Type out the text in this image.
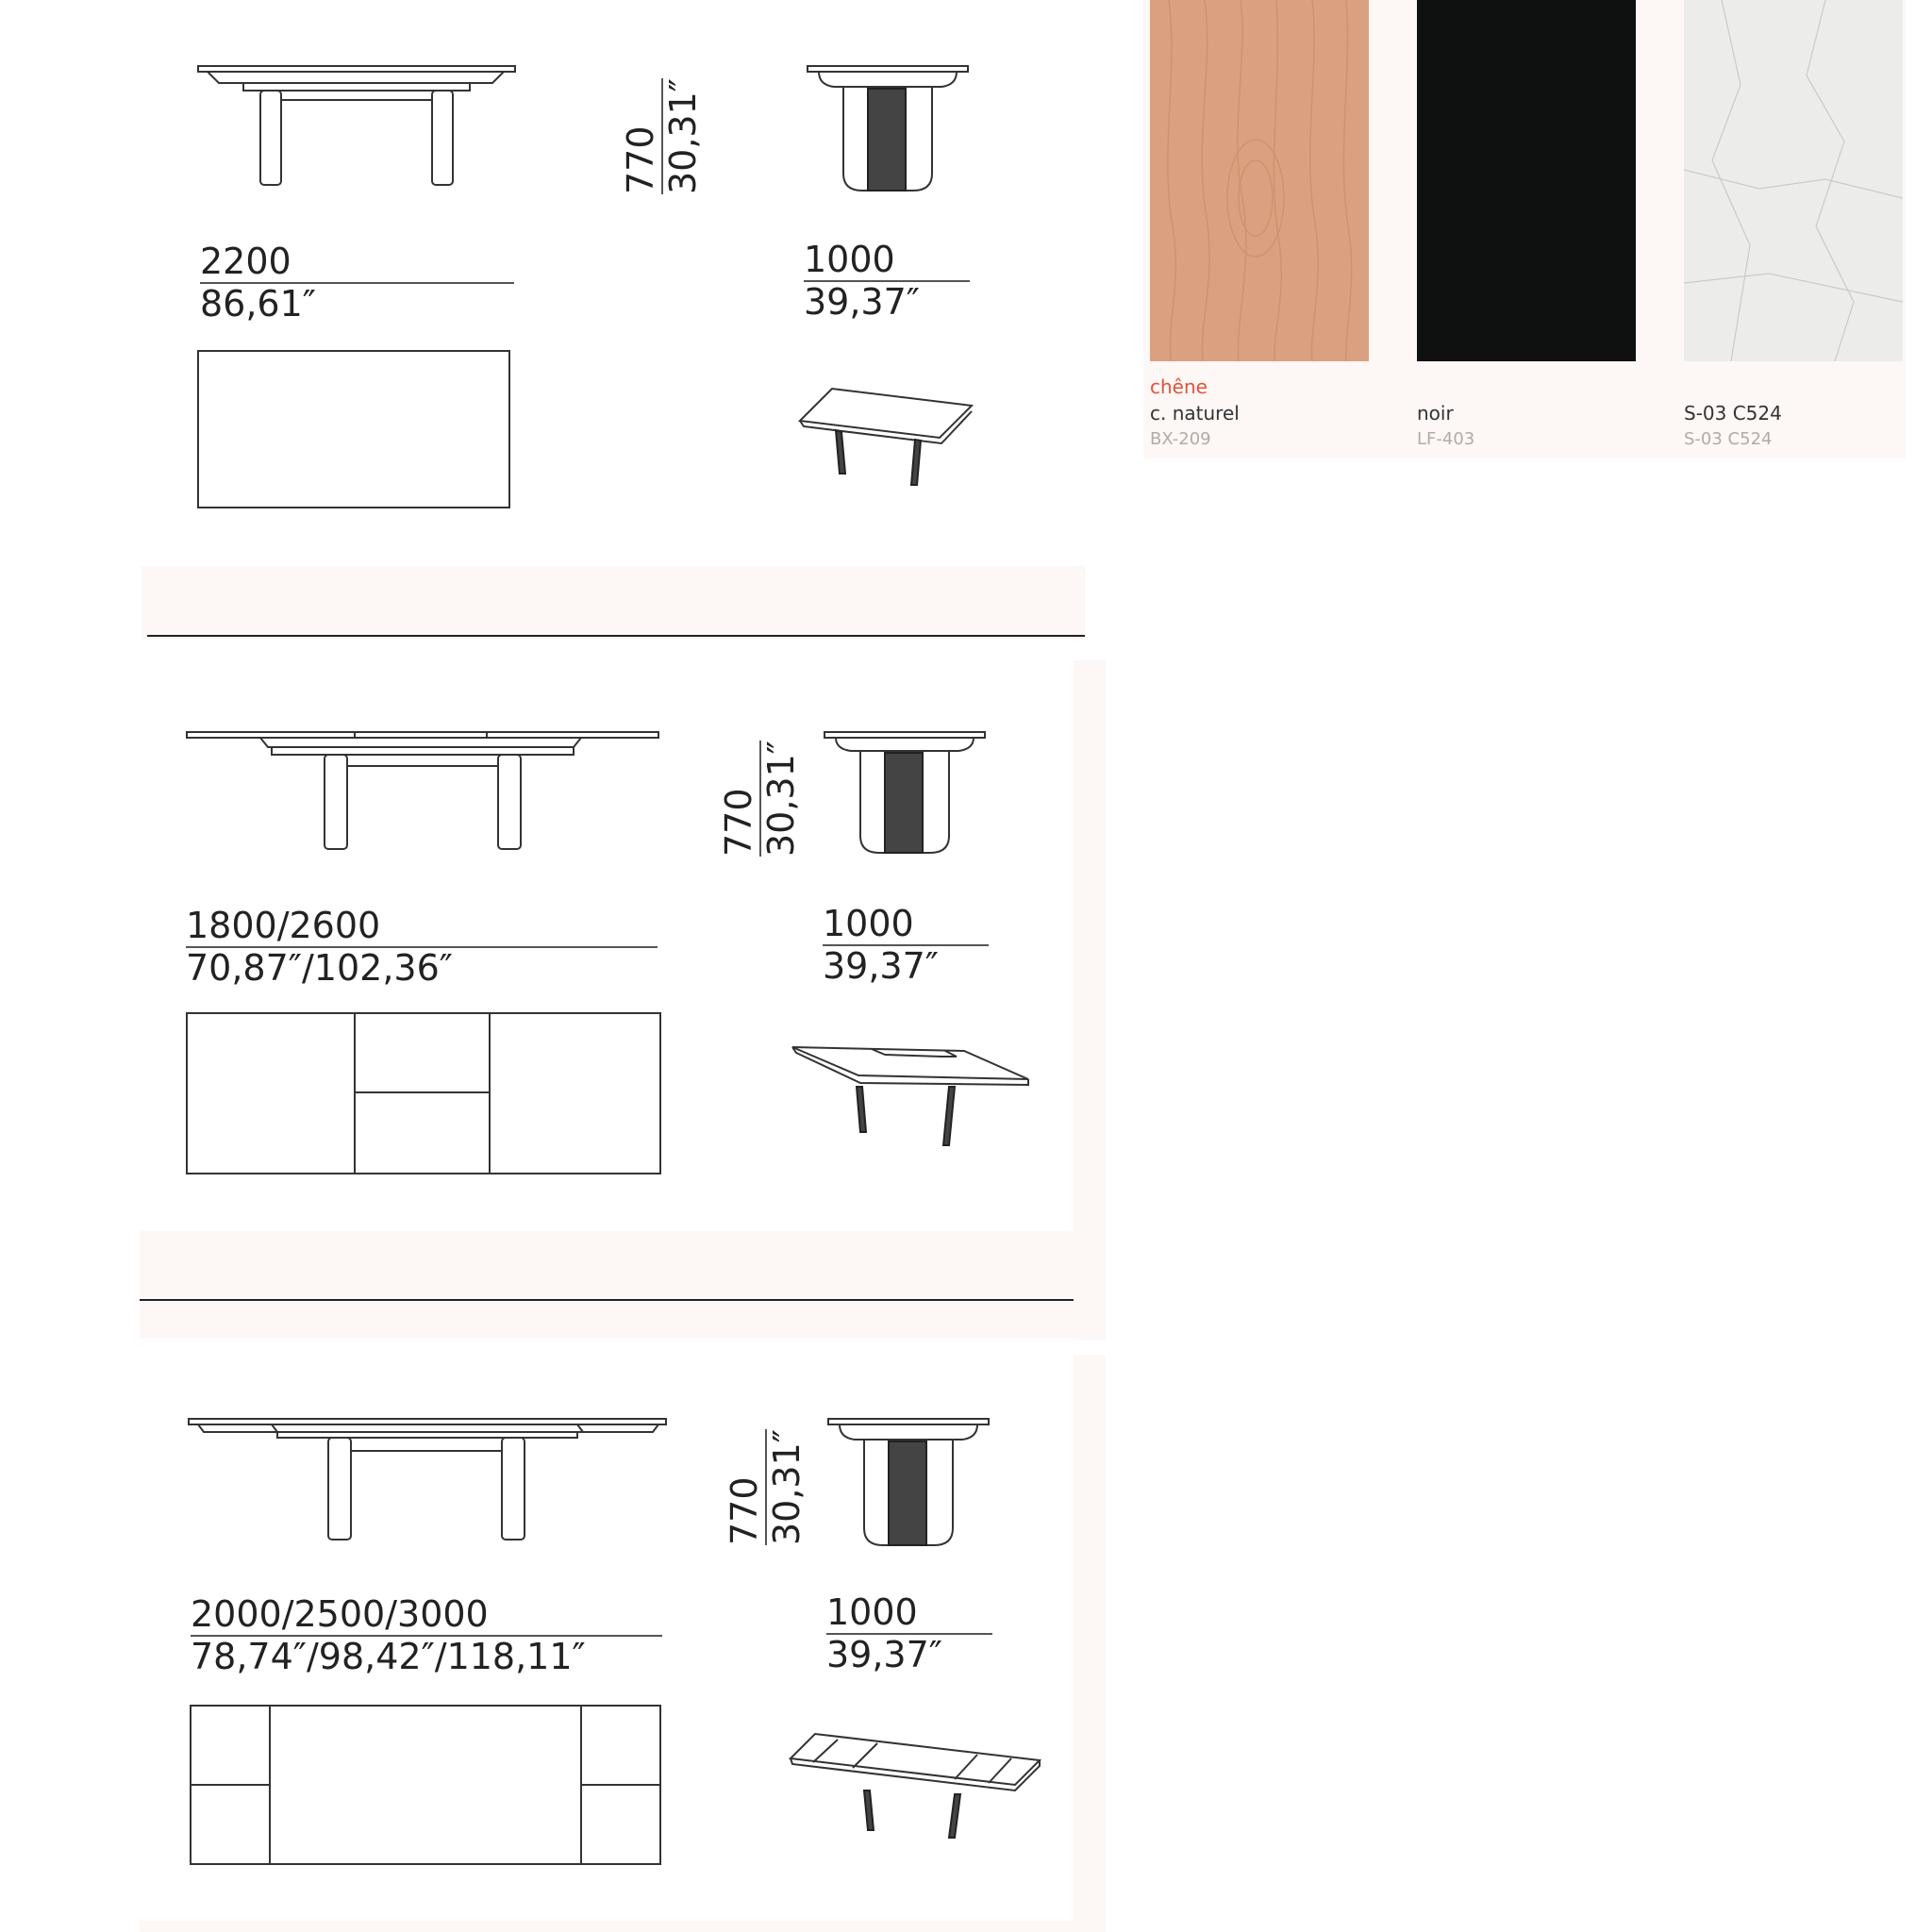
770 30,31″
2200
86,61″
1000
39,37″
770 30,31″
1800/2600
70,87″/102,36″
1000
39,37″
770 30,31″
2000/2500/3000
78,74″/98,42″/118,11″
1000
39,37″
chêne
c. naturel
BX-209
noir
LF-403
S-03 C524
S-03 C524
